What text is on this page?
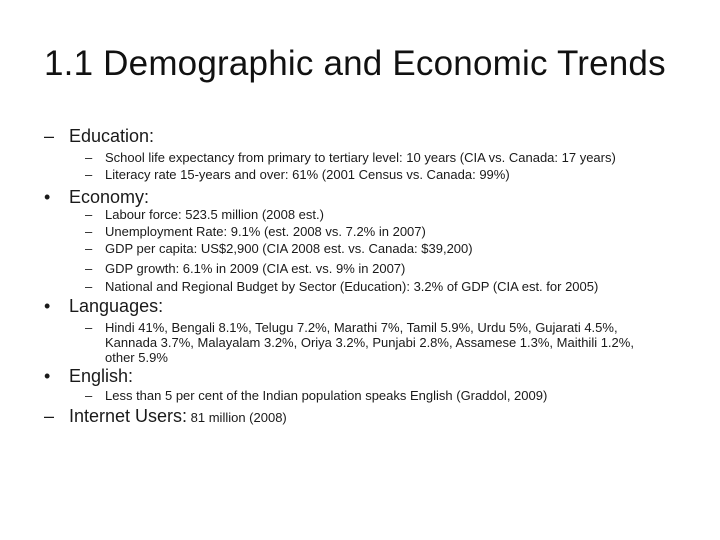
1.1 Demographic and Economic Trends
– Education:
– School life expectancy from primary to tertiary level: 10 years (CIA vs. Canada: 17 years)
– Literacy rate 15-years and over: 61% (2001 Census vs. Canada: 99%)
•	Economy:
– Labour force: 523.5 million (2008 est.)
– Unemployment Rate: 9.1% (est. 2008 vs. 7.2% in 2007)
– GDP per capita: US$2,900 (CIA 2008 est. vs. Canada: $39,200)
– GDP growth: 6.1% in 2009 (CIA est. vs. 9% in 2007)
– National and Regional Budget by Sector (Education): 3.2% of GDP (CIA est. for 2005)
•	Languages:
– Hindi 41%, Bengali 8.1%, Telugu 7.2%, Marathi 7%, Tamil 5.9%, Urdu 5%, Gujarati 4.5%, Kannada 3.7%, Malayalam 3.2%, Oriya 3.2%, Punjabi 2.8%, Assamese 1.3%, Maithili 1.2%, other 5.9%
•	English:
– Less than 5 per cent of the Indian population speaks English (Graddol, 2009)
– Internet Users: 81 million (2008)
